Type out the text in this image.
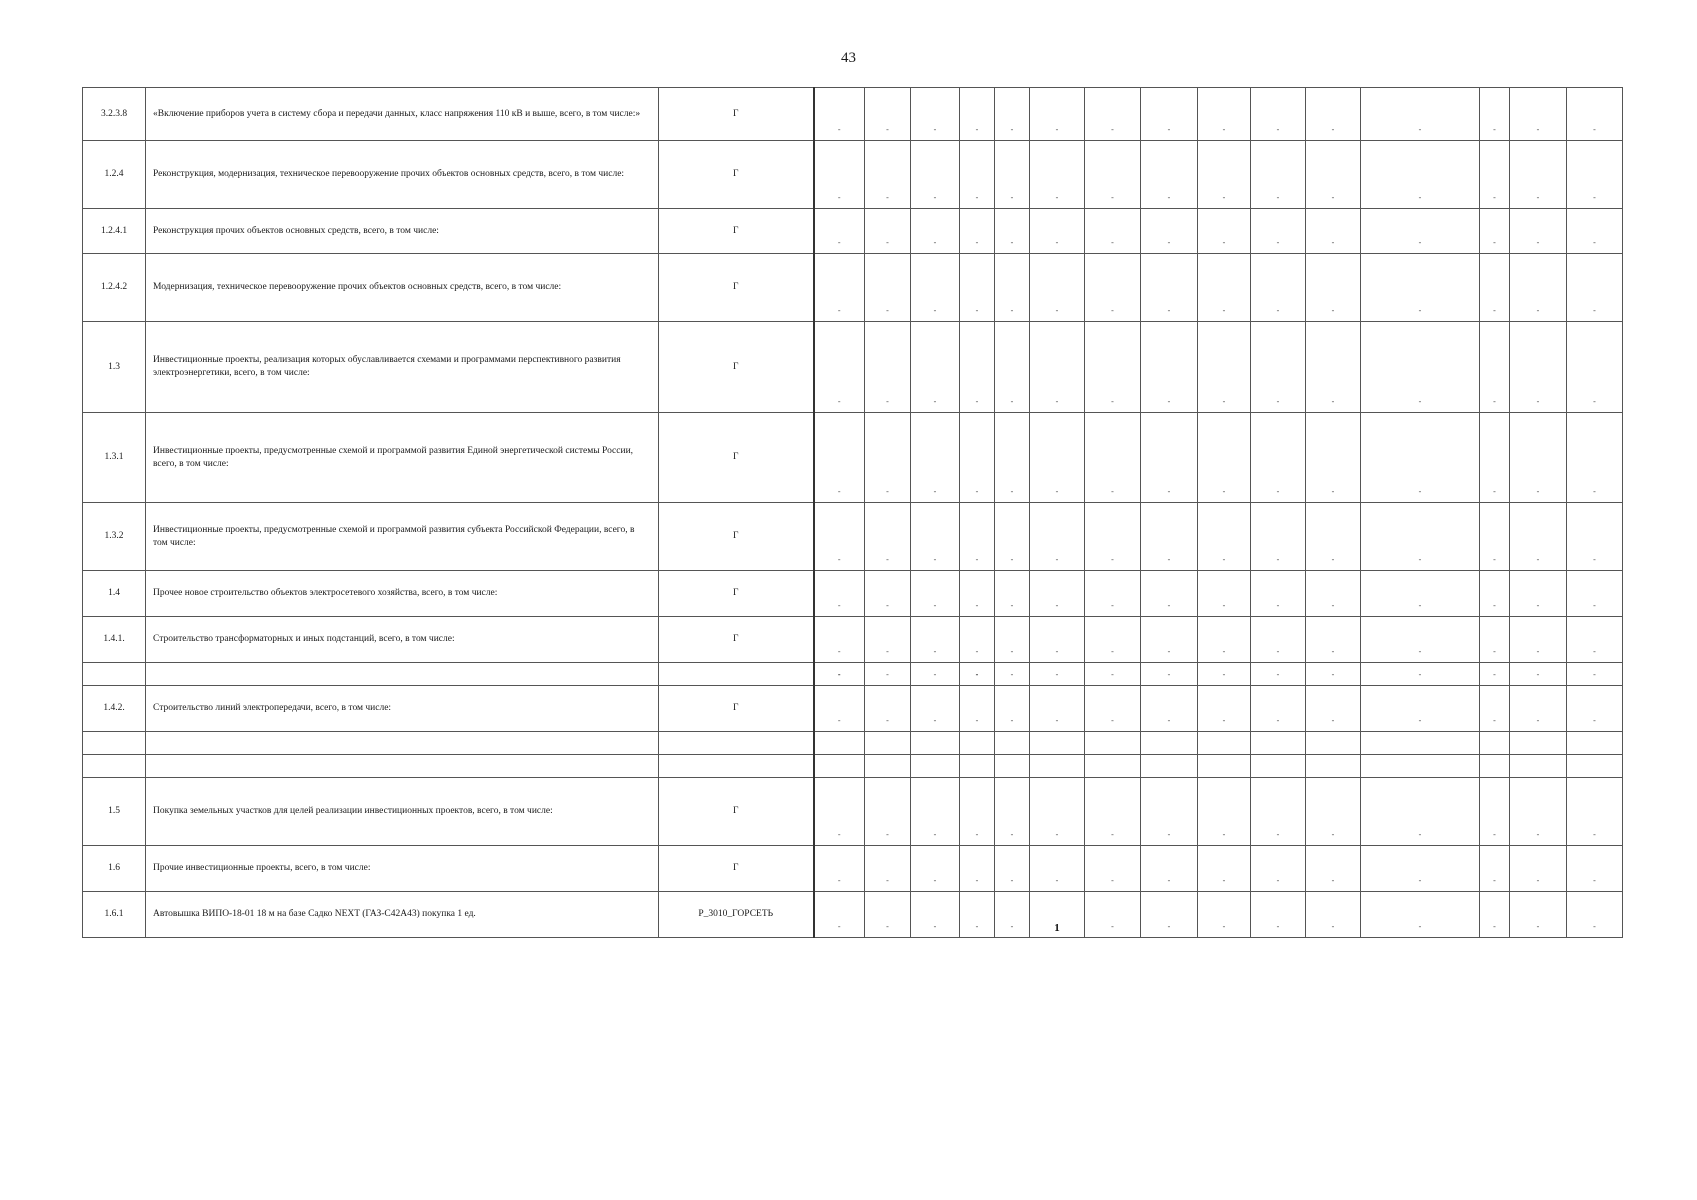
43
3.2.3.8	«Включение приборов учета в систему сбора и передачи данных, класс напряжения 110 кВ и выше, всего, в том числе:»	Г	-	-	-	-	-	-	-	-	-	-	-	-	-	-	-
1.2.4	Реконструкция, модернизация, техническое перевооружение прочих объектов основных средств, всего, в том числе:	Г	-	-	-	-	-	-	-	-	-	-	-	-	-	-	-
1.2.4.1	Реконструкция прочих объектов основных средств, всего, в том числе:	Г	-	-	-	-	-	-	-	-	-	-	-	-	-	-	-
1.2.4.2	Модернизация, техническое перевооружение прочих объектов основных средств, всего, в том числе:	Г	-	-	-	-	-	-	-	-	-	-	-	-	-	-	-
1.3	Инвестиционные проекты, реализация которых обуславливается схемами и программами перспективного развития электроэнергетики, всего, в том числе:	Г	-	-	-	-	-	-	-	-	-	-	-	-	-	-	-
1.3.1	Инвестиционные проекты, предусмотренные схемой и программой развития Единой энергетической системы России, всего, в том числе:	Г	-	-	-	-	-	-	-	-	-	-	-	-	-	-	-
1.3.2	Инвестиционные проекты, предусмотренные схемой и программой развития субъекта Российской Федерации, всего, в том числе:	Г	-	-	-	-	-	-	-	-	-	-	-	-	-	-	-
1.4	Прочее новое строительство объектов электросетевого хозяйства, всего, в том числе:	Г	-	-	-	-	-	-	-	-	-	-	-	-	-	-	-
1.4.1.	Строительство трансформаторных и иных подстанций, всего, в том числе:	Г	-	-	-	-	-	-	-	-	-	-	-	-	-	-	-
			-	-	-	-	-	-	-	-	-	-	-	-	-	-	-
1.4.2.	Строительство линий электропередачи, всего, в том числе:	Г	-	-	-	-	-	-	-	-	-	-	-	-	-	-	-

1.5	Покупка земельных участков для целей реализации инвестиционных проектов, всего, в том числе:	Г	-	-	-	-	-	-	-	-	-	-	-	-	-	-	-
1.6	Прочие инвестиционные проекты, всего, в том числе:	Г	-	-	-	-	-	-	-	-	-	-	-	-	-	-	-
1.6.1	Автовышка ВИПО-18-01 18 м на базе Садко NEXT (ГАЗ-С42А43) покупка 1 ед.	Р_3010_ГОРСЕТЬ	-	-	-	-	-	1	-	-	-	-	-	-	-	-	-
